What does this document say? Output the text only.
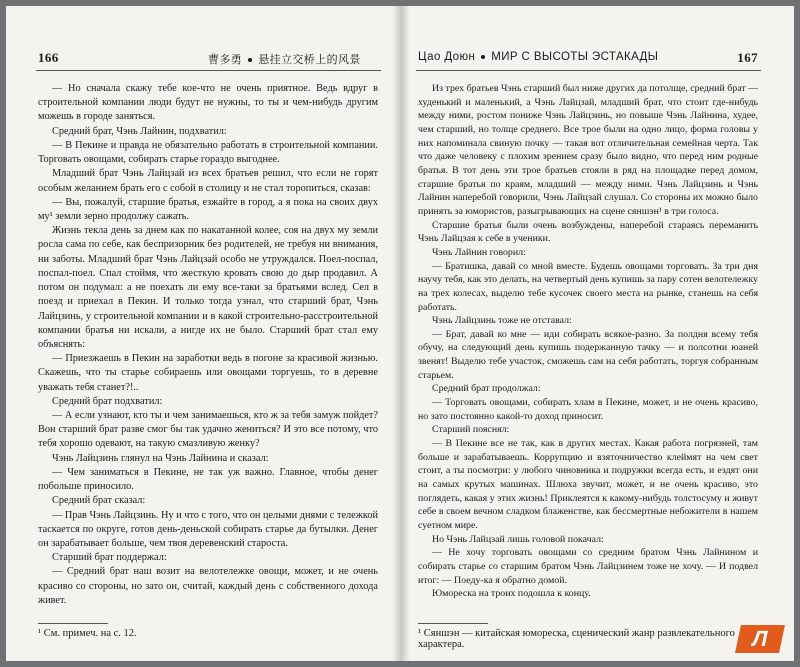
166	曹多勇 悬挂立交桥上的风景

— Но сначала скажу тебе кое-что не очень приятное. Ведь вдруг в строительной компании люди будут не нужны, то ты и чем-нибудь другим можешь в городе заняться.

Средний брат, Чэнь Лайнин, подхватил:

— В Пекине и правда не обязательно работать в строительной компании. Торговать овощами, собирать старье гораздо выгоднее.

Младший брат Чэнь Лайцзай из всех братьев решил, что если не горят особым желанием брать его с собой в столицу и не стал торопиться, сказав:

— Вы, пожалуй, старшие братья, езжайте в город, а я пока на своих двух му¹ земли зерно продолжу сажать.

Жизнь текла день за днем как по накатанной колее, соя на двух му земли росла сама по себе, как беспризорник без родителей, не требуя ни внимания, ни заботы. Младший брат Чэнь Лайцзай особо не утруждался. Поел-поспал, поспал-поел. Спал стоймя, что жесткую кровать свою до дыр продавил. А потом он подумал: а не поехать ли ему все-таки за братьями вслед. Сел в поезд и приехал в Пекин. И только тогда узнал, что старший брат, Чэнь Лайцзинь, у строительной компании и в какой строительно-расстроительной компании братья ни искали, а нигде их не было. Старший брат стал ему объяснять:

— Приезжаешь в Пекин на заработки ведь в погоне за красивой жизнью. Скажешь, что ты старье собираешь или овощами торгуешь, то в деревне уважать тебя станет?!..

Средний брат подхватил:

— А если узнают, кто ты и чем занимаешься, кто ж за тебя замуж пойдет? Вон старший брат разве смог бы так удачно жениться? И это все потому, что тебя хорошо одевают, на такую смазливую женку?

Чэнь Лайцзинь глянул на Чэнь Лайнина и сказал:

— Чем заниматься в Пекине, не так уж важно. Главное, чтобы денег побольше приносило.

Средний брат сказал:

— Прав Чэнь Лайцзинь. Ну и что с того, что он целыми днями с тележкой таскается по округе, готов день-деньской собирать старье да бутылки. Денег он зарабатывает больше, чем твоя деревенский староста.

Старший брат поддержал:

— Средний брат наш возит на велотележке овощи, может, и не очень красиво со стороны, но зато он, считай, каждый день с собственного дохода живет.

¹ См. примеч. на с. 12.
Цао Доюн МИР С ВЫСОТЫ ЭСТАКАДЫ	167

Из трех братьев Чэнь старший был ниже других да потолще, средний брат — худенький и маленький, а Чэнь Лайцзай, младший брат, что стоит где-нибудь между ними, ростом пониже Чэнь Лайцзинь, но повыше Чэнь Лайнина, худее, чем старший, но толще среднего. Все трое были на одно лицо, форма головы у них напоминала свиную почку — такая вот отличительная семейная черта. Так что даже человеку с плохим зрением сразу было видно, что перед ним родные братья. В тот день эти трое братьев стояли в ряд на площадке перед домом, старшие братья по краям, младший — между ними. Чэнь Лайцзинь и Чэнь Лайнин наперебой говорили, Чэнь Лайцзай слушал. Со стороны их можно было принять за юмористов, разыгрывающих на сцене сяншэн¹ в три голоса.

Старшие братья были очень возбуждены, наперебой стараясь переманить Чэнь Лайцзая к себе в ученики.

Чэнь Лайнин говорил:

— Братишка, давай со мной вместе. Будешь овощами торговать. За три дня научу тебя, как это делать, на четвертый день купишь за пару сотен велотележку на трех колесах, выделю тебе кусочек своего места на рынке, станешь на себя работать.

Чэнь Лайцзинь тоже не отставал:

— Брат, давай ко мне — иди собирать всякое-разно. За полдня всему тебя обучу, на следующий день купишь подержанную тачку — и полсотни юаней звенят! Выделю тебе участок, сможешь сам на себя работать, торгуя собранным старьем.

Средний брат продолжал:

— Торговать овощами, собирать хлам в Пекине, может, и не очень красиво, но зато постоянно какой-то доход приносит.

Старший пояснял:

— В Пекине все не так, как в других местах. Какая работа погрязней, там больше и зарабатываешь. Коррупцию и взяточничество клеймят на чем свет стоит, а ты посмотри: у любого чиновника и подружки всегда есть, и ездят они на самых крутых машинах. Шлюха звучит, может, и не очень красиво, это поглядеть, какая у этих жизнь! Приклеятся к какому-нибудь толстосуму и живут себе в своем вечном сладком блаженстве, как бессмертные небожители в нашем суетном мире.

Но Чэнь Лайцзай лишь головой покачал:

— Не хочу торговать овощами со средним братом Чэнь Лайнином и собирать старье со старшим братом Чэнь Лайцзинем тоже не хочу. — И подвел итог: — Поеду-ка я обратно домой.

Юмореска на троих подошла к концу.

¹ Сяншэн — китайская юмореска, сценический жанр развлекательного характера.	Л
